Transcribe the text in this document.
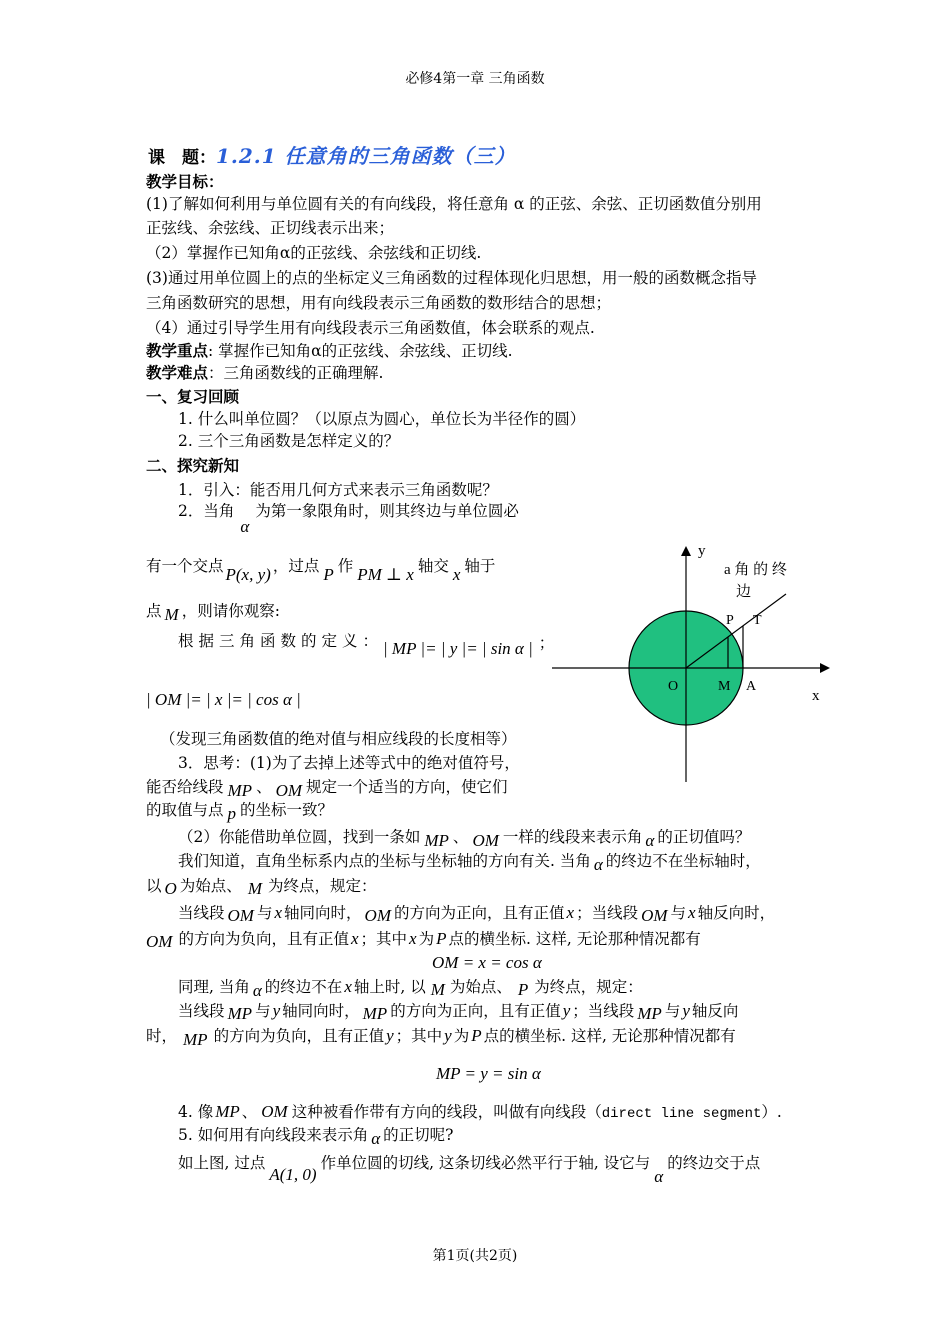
必修4第一章 三角函数
课　题：1.2.1 任意角的三角函数（三）
教学目标：
(1)了解如何利用与单位圆有关的有向线段，将任意角 α 的正弦、余弦、正切函数值分别用
正弦线、余弦线、正切线表示出来；
（2）掌握作已知角α的正弦线、余弦线和正切线.
(3)通过用单位圆上的点的坐标定义三角函数的过程体现化归思想，用一般的函数概念指导
三角函数研究的思想，用有向线段表示三角函数的数形结合的思想；
（4）通过引导学生用有向线段表示三角函数值，体会联系的观点.
教学重点: 掌握作已知角α的正弦线、余弦线、正切线.
教学难点：三角函数线的正确理解.
一、复习回顾
1. 什么叫单位圆？（以原点为圆心，单位长为半径作的圆）
2. 三个三角函数是怎样定义的？
二、探究新知
1．引入：能否用几何方式来表示三角函数呢？
2．当角α为第一象限角时，则其终边与单位圆必
有一个交点 P(x, y) ，过点 P 作 PM ⊥ x 轴交 x 轴于
点 M ，则请你观察:
根据三角函数的定义： | MP |= | y |= | sin α | ；
| OM |= | x |= | cos α |
（发现三角函数值的绝对值与相应线段的长度相等）
3．思考：(1)为了去掉上述等式中的绝对值符号，
能否给线段 MP 、 OM 规定一个适当的方向，使它们
的取值与点 p 的坐标一致？
（2）你能借助单位圆，找到一条如 MP 、 OM 一样的线段来表示角 α 的正切值吗？
我们知道，直角坐标系内点的坐标与坐标轴的方向有关. 当角 α 的终边不在坐标轴时，
以 O 为始点、 M 为终点，规定：
当线段 OM 与 x 轴同向时， OM 的方向为正向，且有正值 x ；当线段 OM 与 x 轴反向时，
OM 的方向为负向，且有正值 x ；其中 x 为 P 点的横坐标. 这样, 无论那种情况都有
OM = x = cos α
同理, 当角 α 的终边不在 x 轴上时, 以 M 为始点、 P 为终点，规定：
当线段 MP 与 y 轴同向时， MP 的方向为正向，且有正值 y ；当线段 MP 与 y 轴反向
时， MP 的方向为负向，且有正值 y ；其中 y 为 P 点的横坐标. 这样, 无论那种情况都有
MP = y = sin α
4. 像 MP 、 OM 这种被看作带有方向的线段，叫做有向线段（direct line segment）.
5. 如何用有向线段来表示角 α 的正切呢?
如上图, 过点A(1, 0)作单位圆的切线, 这条切线必然平行于轴, 设它与α的终边交于点
y
x
a 角 的 终
边
P T
O	M A
第1页(共2页)
